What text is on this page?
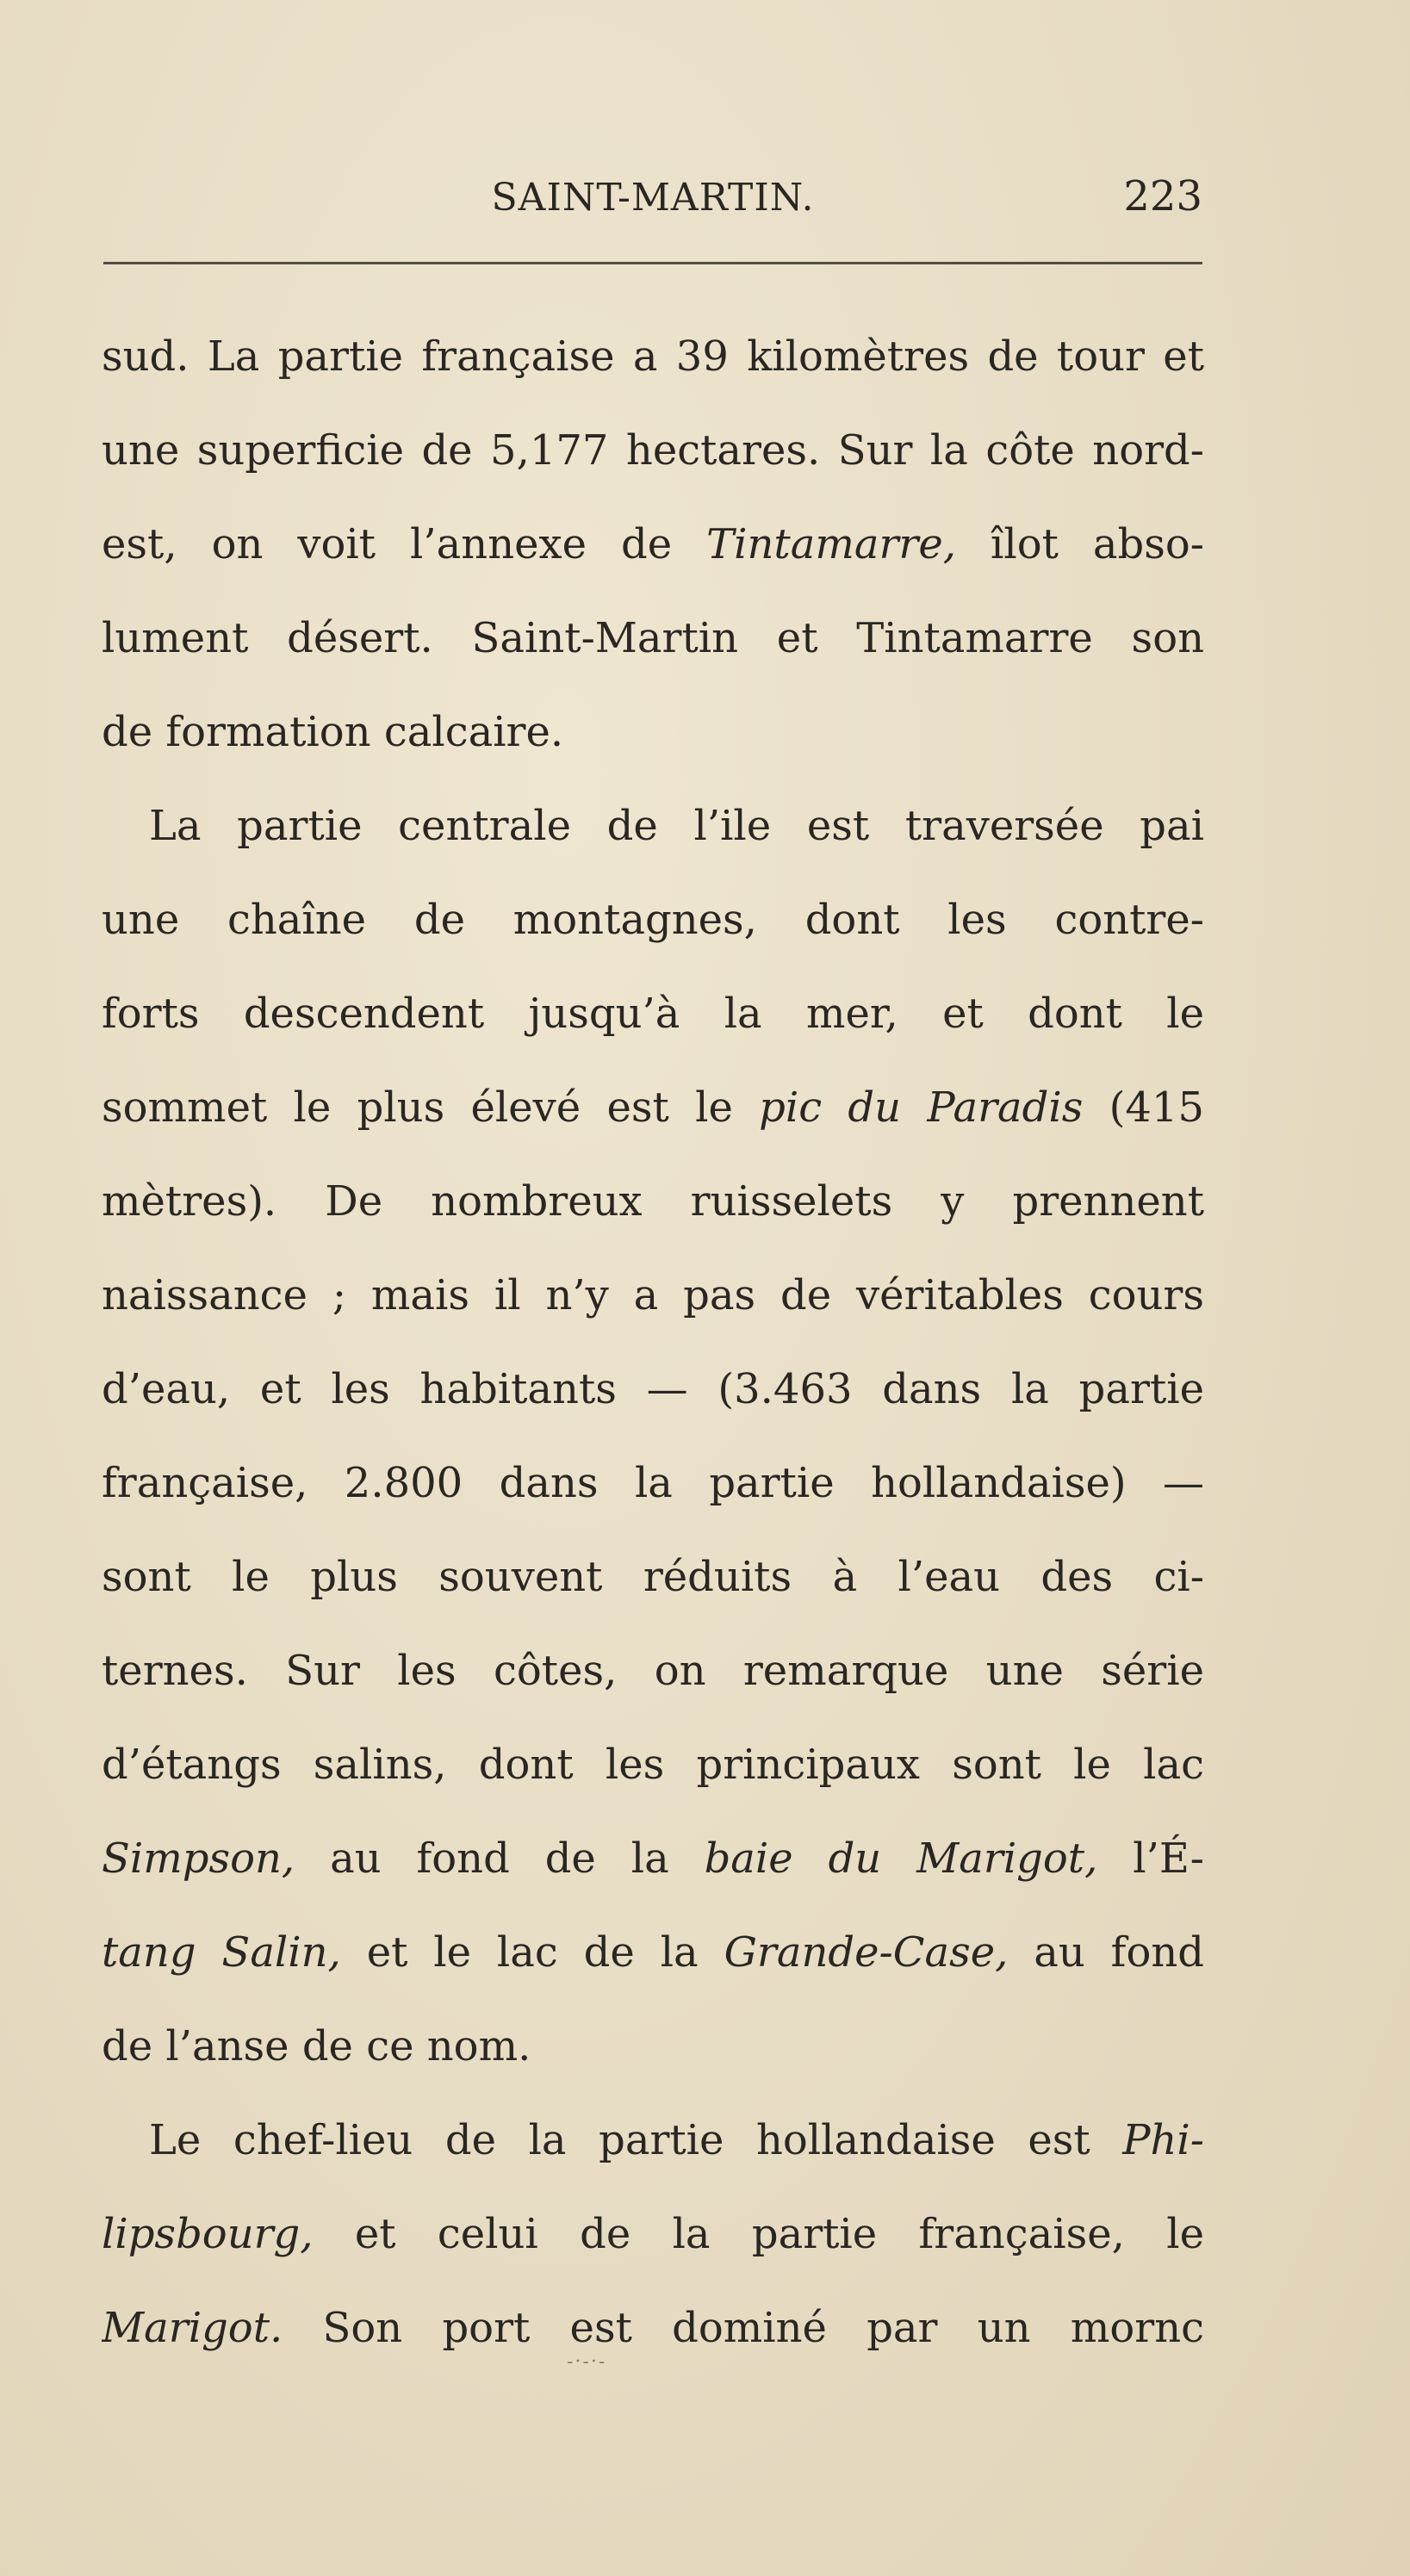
SAINT-MARTIN.	223
sud. La partie française a 39 kilomètres de tour et
une superficie de 5,177 hectares. Sur la côte nord-
est, on voit l’annexe de Tintamarre, îlot abso-
lument désert. Saint-Martin et Tintamarre son
de formation calcaire.
La partie centrale de l’ile est traversée pai
une chaîne de montagnes, dont les contre-
forts descendent jusqu’à la mer, et dont le
sommet le plus élevé est le pic du Paradis (415
mètres). De nombreux ruisselets y prennent
naissance ; mais il n’y a pas de véritables cours
d’eau, et les habitants — (3.463 dans la partie
française, 2.800 dans la partie hollandaise) —
sont le plus souvent réduits à l’eau des ci-
ternes. Sur les côtes, on remarque une série
d’étangs salins, dont les principaux sont le lac
Simpson, au fond de la baie du Marigot, l’É-
tang Salin, et le lac de la Grande-Case, au fond
de l’anse de ce nom.
Le chef-lieu de la partie hollandaise est Phi-
lipsbourg, et celui de la partie française, le
Marigot. Son port est dominé par un mornc
-·-·-
